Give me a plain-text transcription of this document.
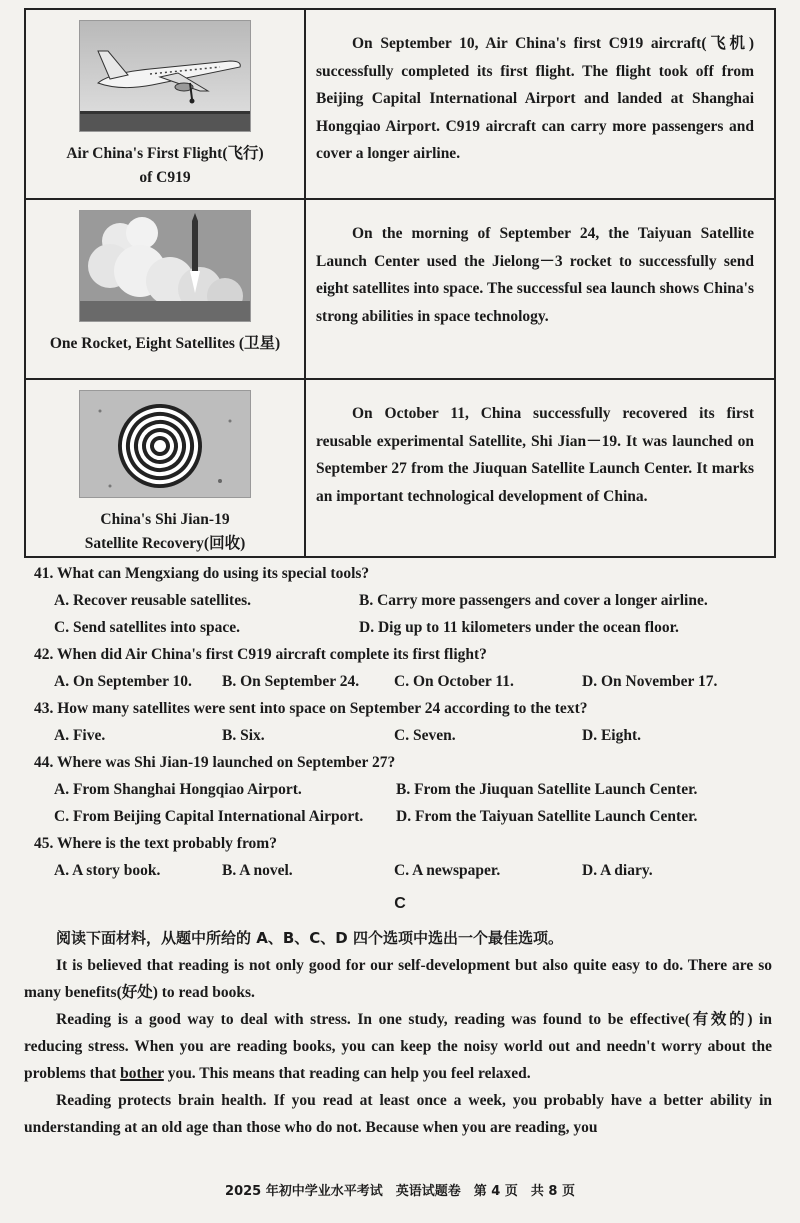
Air China's First Flight(飞行)
of C919
On September 10, Air China's first C919 aircraft(飞机) successfully completed its first flight. The flight took off from Beijing Capital International Airport and landed at Shanghai Hongqiao Airport. C919 aircraft can carry more passengers and cover a longer airline.
One Rocket, Eight Satellites (卫星)
On the morning of September 24, the Taiyuan Satellite Launch Center used the Jielong－3 rocket to successfully send eight satellites into space. The successful sea launch shows China's strong abilities in space technology.
China's Shi Jian-19
Satellite Recovery(回收)
On October 11, China successfully recovered its first reusable experimental Satellite, Shi Jian－19. It was launched on September 27 from the Jiuquan Satellite Launch Center. It marks an important technological development of China.
41. What can Mengxiang do using its special tools?
A. Recover reusable satellites.	B. Carry more passengers and cover a longer airline.
C. Send satellites into space.	D. Dig up to 11 kilometers under the ocean floor.
42. When did Air China's first C919 aircraft complete its first flight?
A. On September 10.	B. On September 24.	C. On October 11.	D. On November 17.
43. How many satellites were sent into space on September 24 according to the text?
A. Five.	B. Six.	C. Seven.	D. Eight.
44. Where was Shi Jian-19 launched on September 27?
A. From Shanghai Hongqiao Airport.	B. From the Jiuquan Satellite Launch Center.
C. From Beijing Capital International Airport.	D. From the Taiyuan Satellite Launch Center.
45. Where is the text probably from?
A. A story book.	B. A novel.	C. A newspaper.	D. A diary.
C

阅读下面材料，从题中所给的 A、B、C、D 四个选项中选出一个最佳选项。

It is believed that reading is not only good for our self-development but also quite easy to do. There are so many benefits(好处) to read books.

Reading is a good way to deal with stress. In one study, reading was found to be effective(有效的) in reducing stress. When you are reading books, you can keep the noisy world out and needn't worry about the problems that bother you. This means that reading can help you feel relaxed.

Reading protects brain health. If you read at least once a week, you probably have a better ability in understanding at an old age than those who do not. Because when you are reading, you

2025 年初中学业水平考试　英语试题卷　第 4 页　共 8 页
